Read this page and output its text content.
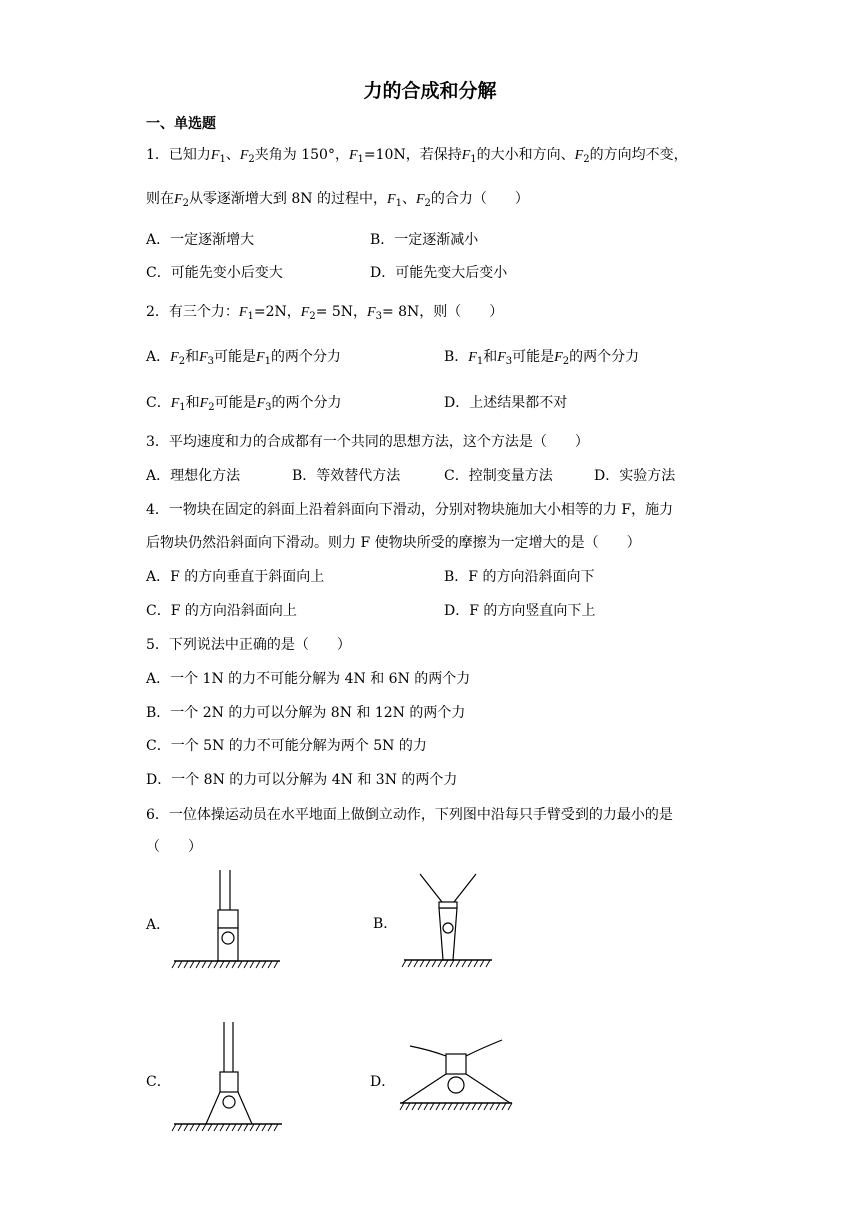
力的合成和分解
一、单选题
1．已知力$F_1$、$F_2$夹角为 150°，$F_1=10N$，若保持$F_1$的大小和方向、$F_2$的方向均不变，
则在$F_2$从零逐渐增大到 8N 的过程中，$F_1$、$F_2$的合力（　　）
A．一定逐渐增大	B．一定逐渐减小
C．可能先变小后变大	D．可能先变大后变小
2．有三个力：$F_1=2N$，$F_2= 5N$，$F_3= 8N$，则（　　）
A．$F_2$和$F_3$可能是$F_1$的两个分力	B．$F_1$和$F_3$可能是$F_2$的两个分力
C．$F_1$和$F_2$可能是$F_3$的两个分力	D．上述结果都不对
3．平均速度和力的合成都有一个共同的思想方法，这个方法是（　　）
A．理想化方法	B．等效替代方法	C．控制变量方法	D．实验方法
4．一物块在固定的斜面上沿着斜面向下滑动，分别对物块施加大小相等的力 F，施力
后物块仍然沿斜面向下滑动。则力 F 使物块所受的摩擦为一定增大的是（　　）
A．F 的方向垂直于斜面向上	B．F 的方向沿斜面向下
C．F 的方向沿斜面向上	D．F 的方向竖直向下上
5．下列说法中正确的是（　　）
A．一个 1N 的力不可能分解为 4N 和 6N 的两个力
B．一个 2N 的力可以分解为 8N 和 12N 的两个力
C．一个 5N 的力不可能分解为两个 5N 的力
D．一个 8N 的力可以分解为 4N 和 3N 的两个力
6．一位体操运动员在水平地面上做倒立动作，下列图中沿每只手臂受到的力最小的是
（　　）
A．	B．
C．	D．
